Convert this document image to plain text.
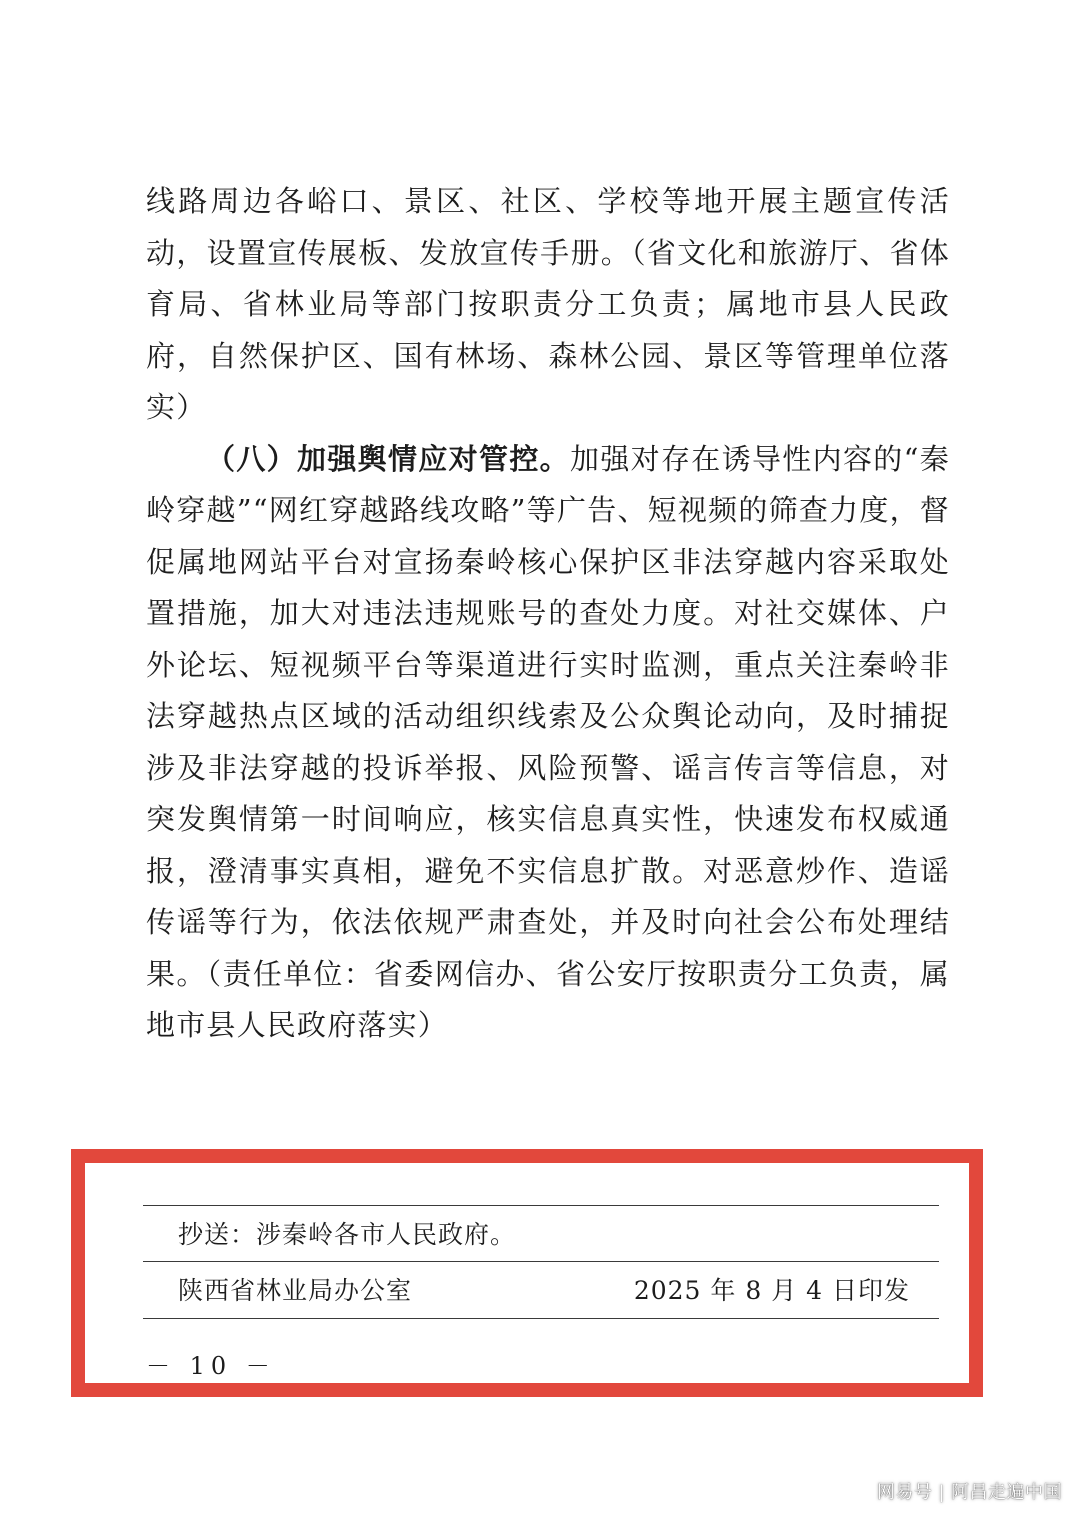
线路周边各峪口、景区、社区、学校等地开展主题宣传活动，设置宣传展板、发放宣传手册。（省文化和旅游厅、省体育局、省林业局等部门按职责分工负责；属地市县人民政府，自然保护区、国有林场、森林公园、景区等管理单位落实）

（八）加强舆情应对管控。加强对存在诱导性内容的“秦岭穿越”“网红穿越路线攻略”等广告、短视频的筛查力度，督促属地网站平台对宣扬秦岭核心保护区非法穿越内容采取处置措施，加大对违法违规账号的查处力度。对社交媒体、户外论坛、短视频平台等渠道进行实时监测，重点关注秦岭非法穿越热点区域的活动组织线索及公众舆论动向，及时捕捉涉及非法穿越的投诉举报、风险预警、谣言传言等信息，对突发舆情第一时间响应，核实信息真实性，快速发布权威通报，澄清事实真相，避免不实信息扩散。对恶意炒作、造谣传谣等行为，依法依规严肃查处，并及时向社会公布处理结果。（责任单位：省委网信办、省公安厅按职责分工负责，属地市县人民政府落实）

抄送：涉秦岭各市人民政府。
陕西省林业局办公室	2025 年 8 月 4 日印发
－ 10 －
网易号 | 阿昌走遍中国
